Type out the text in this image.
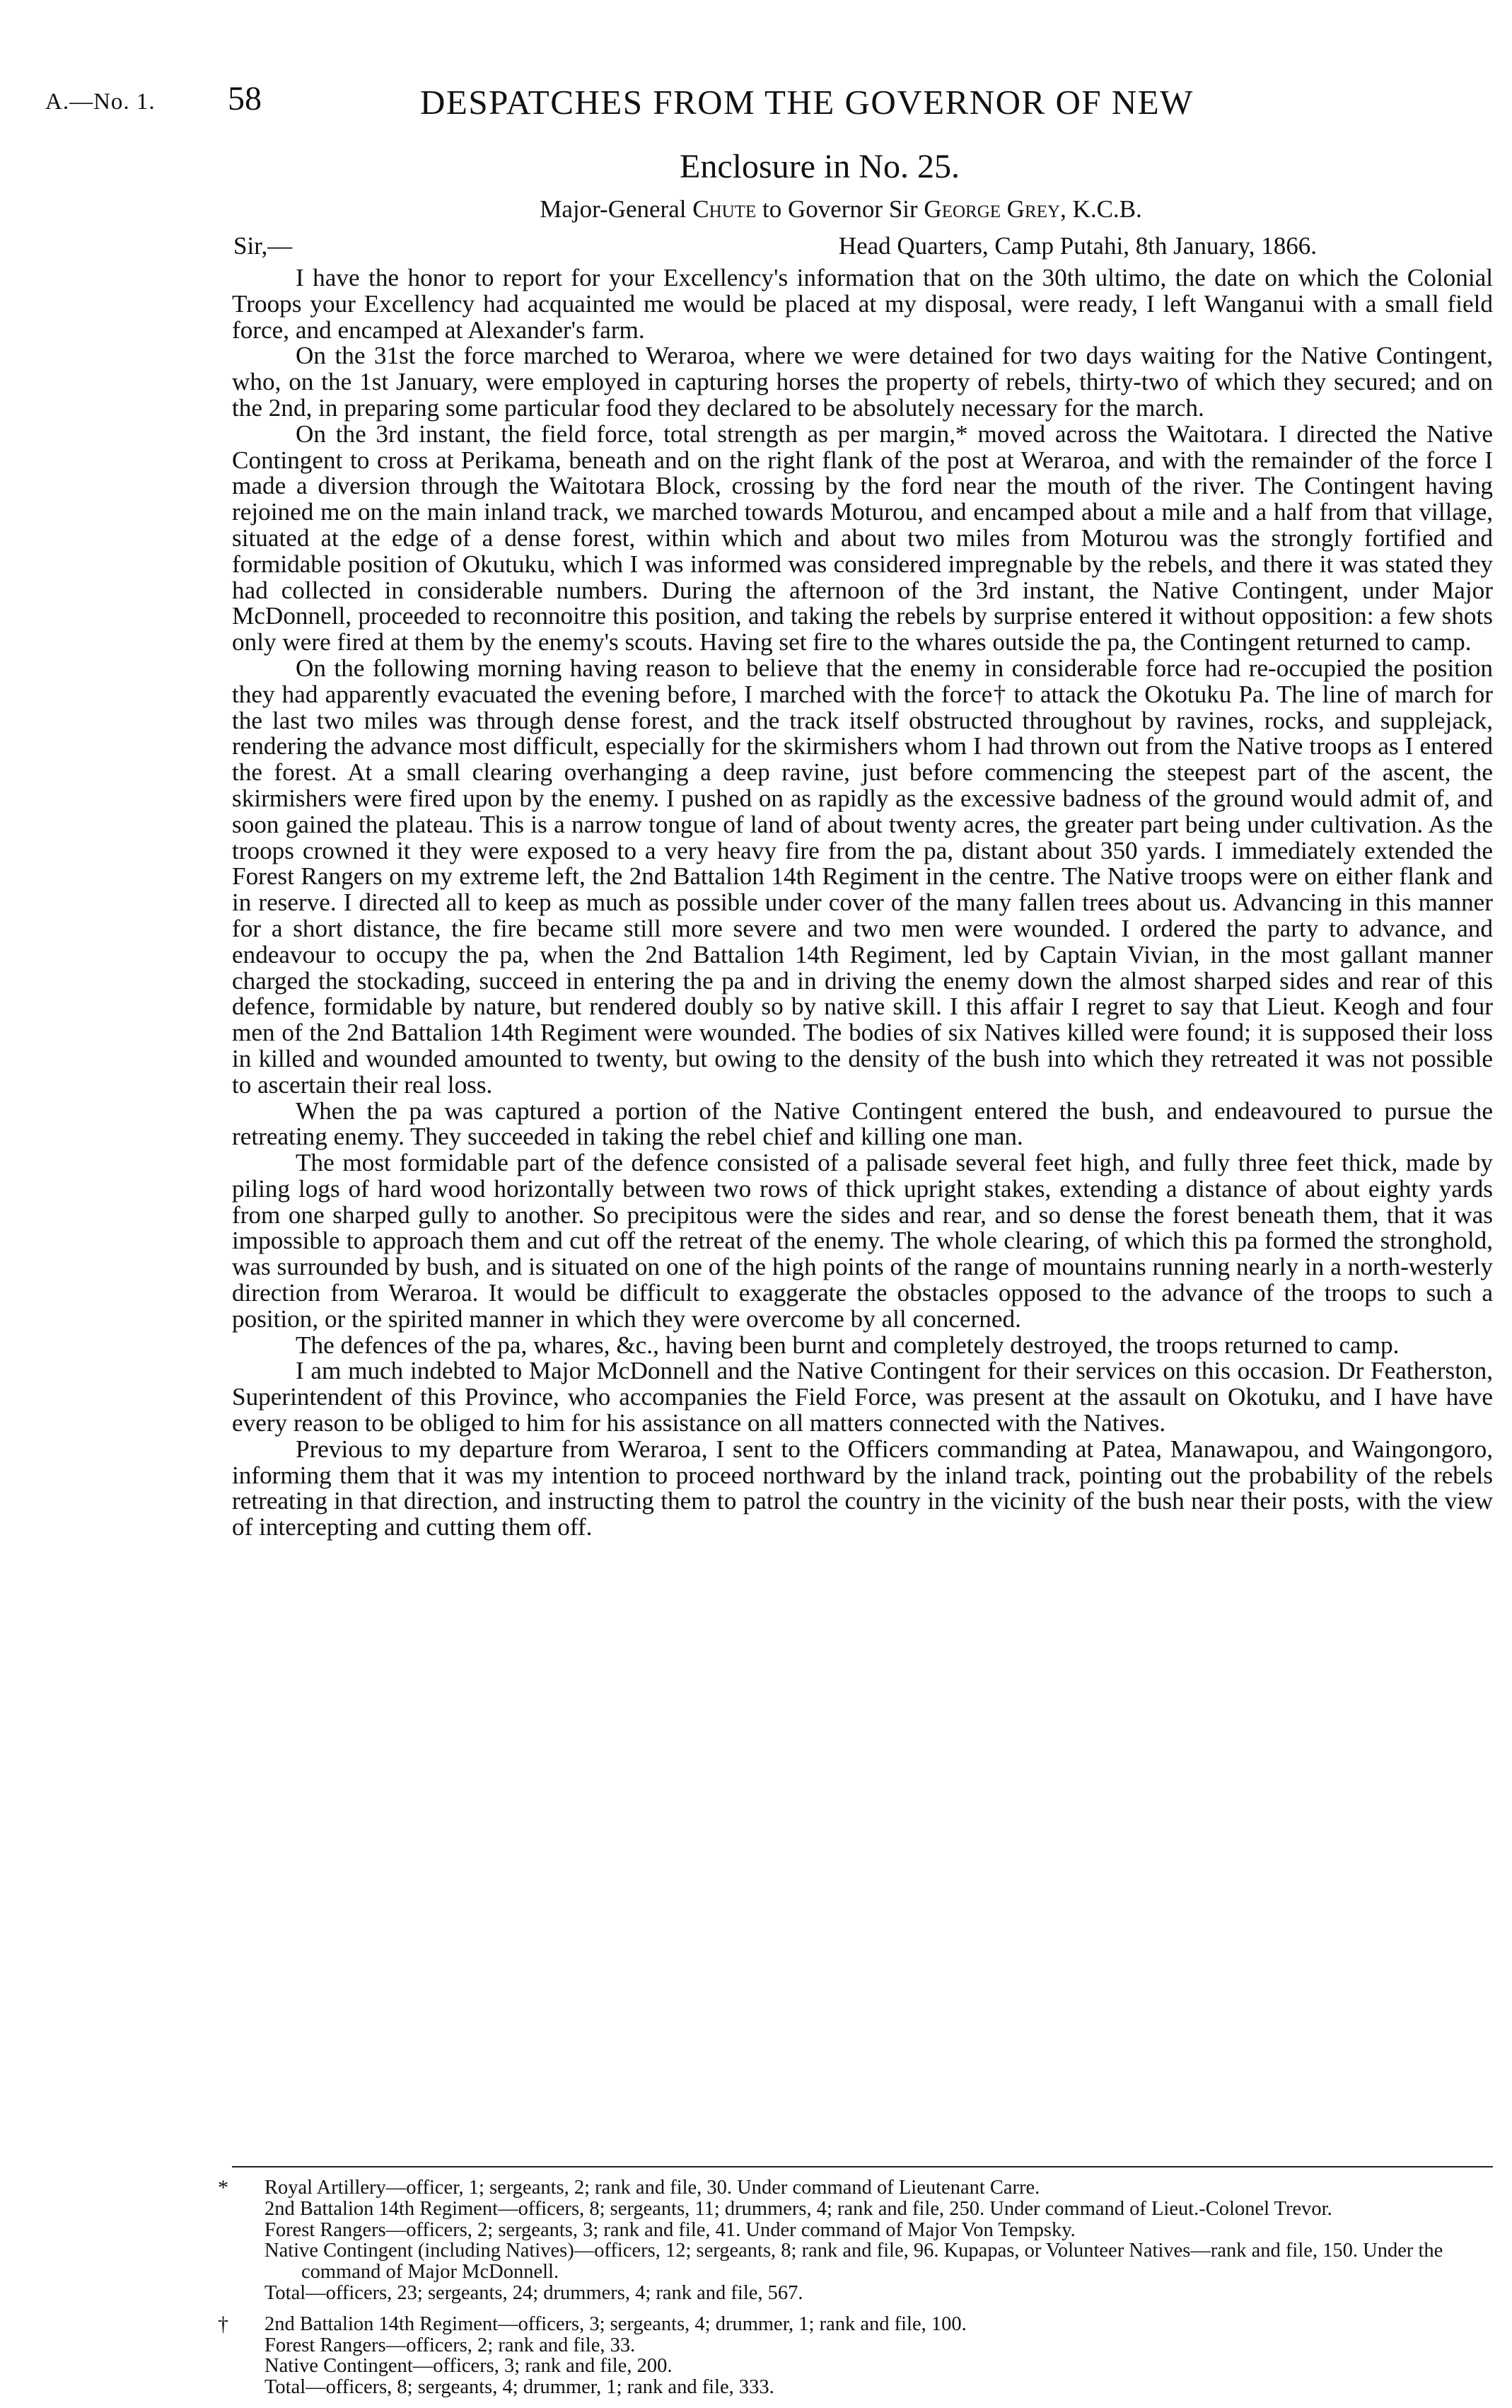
A.—No. 1. 58	DESPATCHES FROM THE GOVERNOR OF NEW
Enclosure in No. 25.
Major-General Chute to Governor Sir George Grey, K.C.B.
Sir,—	Head Quarters, Camp Putahi, 8th January, 1866.

I have the honor to report for your Excellency's information that on the 30th ultimo, the date on which the Colonial Troops your Excellency had acquainted me would be placed at my disposal, were ready, I left Wanganui with a small field force, and encamped at Alexander's farm.

On the 31st the force marched to Weraroa, where we were detained for two days waiting for the Native Contingent, who, on the 1st January, were employed in capturing horses the property of rebels, thirty-two of which they secured; and on the 2nd, in preparing some particular food they declared to be absolutely necessary for the march.

On the 3rd instant, the field force, total strength as per margin,* moved across the Waitotara. I directed the Native Contingent to cross at Perikama, beneath and on the right flank of the post at Weraroa, and with the remainder of the force I made a diversion through the Waitotara Block, crossing by the ford near the mouth of the river. The Contingent having rejoined me on the main inland track, we marched towards Moturou, and encamped about a mile and a half from that village, situated at the edge of a dense forest, within which and about two miles from Moturou was the strongly fortified and formidable position of Okutuku, which I was informed was considered impregnable by the rebels, and there it was stated they had collected in considerable numbers. During the afternoon of the 3rd instant, the Native Contingent, under Major McDonnell, proceeded to reconnoitre this position, and taking the rebels by surprise entered it without opposition: a few shots only were fired at them by the enemy's scouts. Having set fire to the whares outside the pa, the Contingent returned to camp.

On the following morning having reason to believe that the enemy in considerable force had re-occupied the position they had apparently evacuated the evening before, I marched with the force† to attack the Okotuku Pa. The line of march for the last two miles was through dense forest, and the track itself obstructed throughout by ravines, rocks, and supplejack, rendering the advance most difficult, especially for the skirmishers whom I had thrown out from the Native troops as I entered the forest. At a small clearing overhanging a deep ravine, just before commencing the steepest part of the ascent, the skirmishers were fired upon by the enemy. I pushed on as rapidly as the excessive badness of the ground would admit of, and soon gained the plateau. This is a narrow tongue of land of about twenty acres, the greater part being under cultivation. As the troops crowned it they were exposed to a very heavy fire from the pa, distant about 350 yards. I immediately extended the Forest Rangers on my extreme left, the 2nd Battalion 14th Regiment in the centre. The Native troops were on either flank and in reserve. I directed all to keep as much as possible under cover of the many fallen trees about us. Advancing in this manner for a short distance, the fire became still more severe and two men were wounded. I ordered the party to advance, and endeavour to occupy the pa, when the 2nd Battalion 14th Regiment, led by Captain Vivian, in the most gallant manner charged the stockading, succeed in entering the pa and in driving the enemy down the almost sharped sides and rear of this defence, formidable by nature, but rendered doubly so by native skill. I this affair I regret to say that Lieut. Keogh and four men of the 2nd Battalion 14th Regiment were wounded. The bodies of six Natives killed were found; it is supposed their loss in killed and wounded amounted to twenty, but owing to the density of the bush into which they retreated it was not possible to ascertain their real loss.

When the pa was captured a portion of the Native Contingent entered the bush, and endeavoured to pursue the retreating enemy. They succeeded in taking the rebel chief and killing one man.

The most formidable part of the defence consisted of a palisade several feet high, and fully three feet thick, made by piling logs of hard wood horizontally between two rows of thick upright stakes, extending a distance of about eighty yards from one sharped gully to another. So precipitous were the sides and rear, and so dense the forest beneath them, that it was impossible to approach them and cut off the retreat of the enemy. The whole clearing, of which this pa formed the stronghold, was surrounded by bush, and is situated on one of the high points of the range of mountains running nearly in a north-westerly direction from Weraroa. It would be difficult to exaggerate the obstacles opposed to the advance of the troops to such a position, or the spirited manner in which they were overcome by all concerned.

The defences of the pa, whares, &c., having been burnt and completely destroyed, the troops returned to camp.

I am much indebted to Major McDonnell and the Native Contingent for their services on this occasion. Dr Featherston, Superintendent of this Province, who accompanies the Field Force, was present at the assault on Okotuku, and I have have every reason to be obliged to him for his assistance on all matters connected with the Natives.

Previous to my departure from Weraroa, I sent to the Officers commanding at Patea, Manawapou, and Waingongoro, informing them that it was my intention to proceed northward by the inland track, pointing out the probability of the rebels retreating in that direction, and instructing them to patrol the country in the vicinity of the bush near their posts, with the view of intercepting and cutting them off.

*	Royal Artillery—officer, 1; sergeants, 2; rank and file, 30. Under command of Lieutenant Carre.

2nd Battalion 14th Regiment—officers, 8; sergeants, 11; drummers, 4; rank and file, 250. Under command of Lieut.-Colonel Trevor.

Forest Rangers—officers, 2; sergeants, 3; rank and file, 41. Under command of Major Von Tempsky.

Native Contingent (including Natives)—officers, 12; sergeants, 8; rank and file, 96. Kupapas, or Volunteer Natives—rank and file, 150. Under the command of Major McDonnell.

Total—officers, 23; sergeants, 24; drummers, 4; rank and file, 567.

†	2nd Battalion 14th Regiment—officers, 3; sergeants, 4; drummer, 1; rank and file, 100.

Forest Rangers—officers, 2; rank and file, 33.

Native Contingent—officers, 3; rank and file, 200.

Total—officers, 8; sergeants, 4; drummer, 1; rank and file, 333.
